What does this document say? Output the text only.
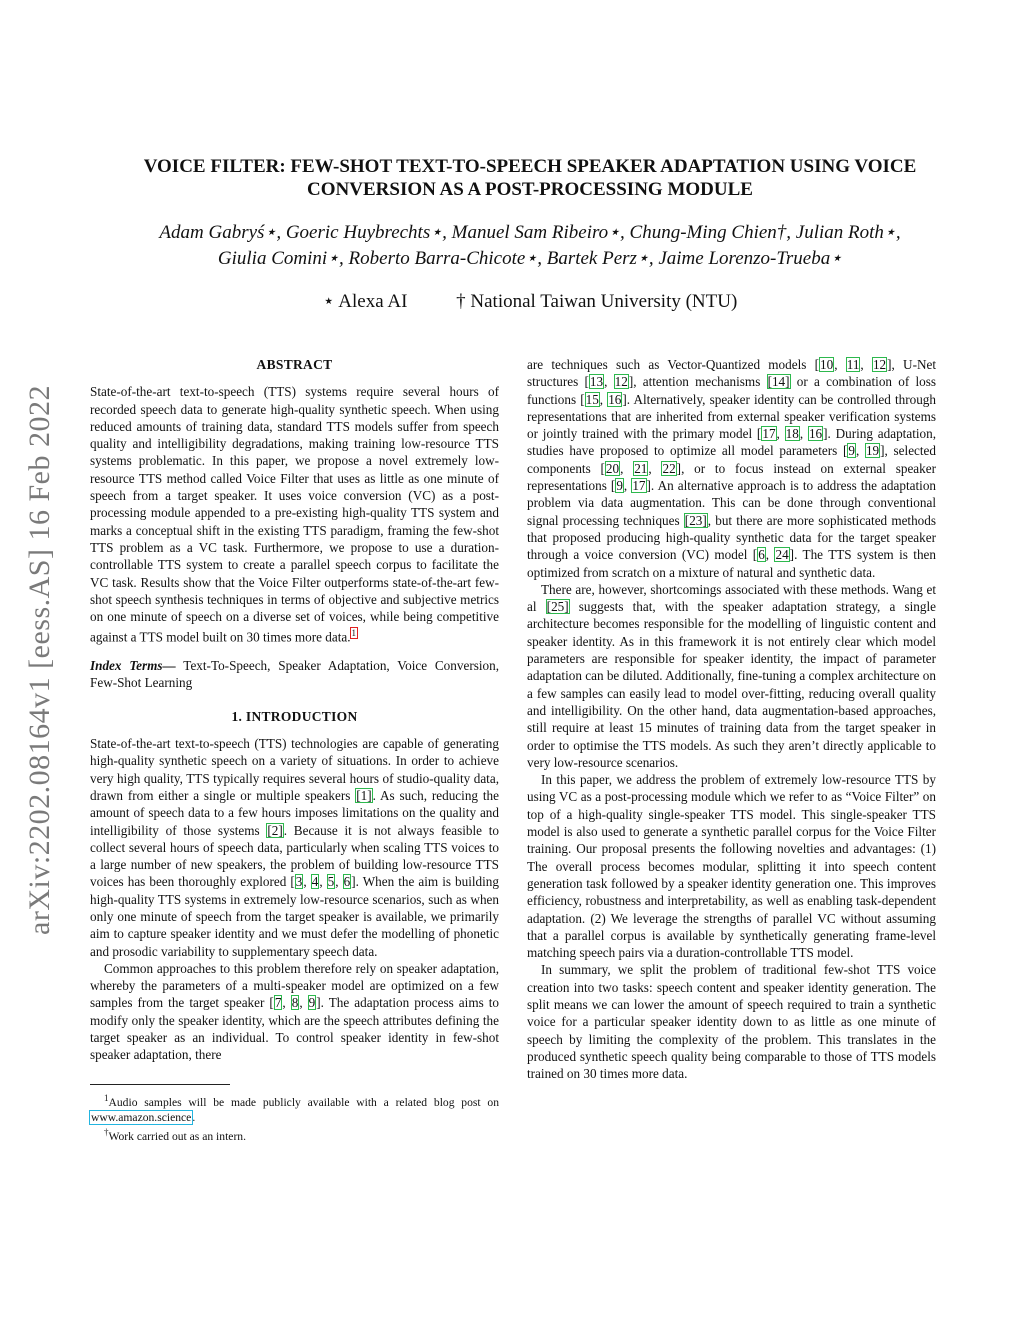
arXiv:2202.08164v1 [eess.AS] 16 Feb 2022
VOICE FILTER: FEW-SHOT TEXT-TO-SPEECH SPEAKER ADAPTATION USING VOICE
CONVERSION AS A POST-PROCESSING MODULE
Adam Gabryś⋆, Goeric Huybrechts⋆, Manuel Sam Ribeiro⋆, Chung-Ming Chien†, Julian Roth⋆,
Giulia Comini⋆, Roberto Barra-Chicote⋆, Bartek Perz⋆, Jaime Lorenzo-Trueba⋆
⋆ Alexa AI	† National Taiwan University (NTU)
ABSTRACT

State-of-the-art text-to-speech (TTS) systems require several hours of recorded speech data to generate high-quality synthetic speech. When using reduced amounts of training data, standard TTS models suffer from speech quality and intelligibility degradations, making training low-resource TTS systems problematic. In this paper, we propose a novel extremely low-resource TTS method called Voice Filter that uses as little as one minute of speech from a target speaker. It uses voice conversion (VC) as a post-processing module appended to a pre-existing high-quality TTS system and marks a conceptual shift in the existing TTS paradigm, framing the few-shot TTS problem as a VC task. Furthermore, we propose to use a duration-controllable TTS system to create a parallel speech corpus to facilitate the VC task. Results show that the Voice Filter outperforms state-of-the-art few-shot speech synthesis techniques in terms of objective and subjective metrics on one minute of speech on a diverse set of voices, while being competitive against a TTS model built on 30 times more data.$^1$

Index Terms— Text-To-Speech, Speaker Adaptation, Voice Conversion, Few-Shot Learning

1. INTRODUCTION

State-of-the-art text-to-speech (TTS) technologies are capable of generating high-quality synthetic speech on a variety of situations. In order to achieve very high quality, TTS typically requires several hours of studio-quality data, drawn from either a single or multiple speakers [1]. As such, reducing the amount of speech data to a few hours imposes limitations on the quality and intelligibility of those systems [2]. Because it is not always feasible to collect several hours of speech data, particularly when scaling TTS voices to a large number of new speakers, the problem of building low-resource TTS voices has been thoroughly explored [3, 4, 5, 6]. When the aim is building high-quality TTS systems in extremely low-resource scenarios, such as when only one minute of speech from the target speaker is available, we primarily aim to capture speaker identity and we must defer the modelling of phonetic and prosodic variability to supplementary speech data.

Common approaches to this problem therefore rely on speaker adaptation, whereby the parameters of a multi-speaker model are optimized on a few samples from the target speaker [7, 8, 9]. The adaptation process aims to modify only the speaker identity, which are the speech attributes defining the target speaker as an individual. To control speaker identity in few-shot speaker adaptation, there

$^1$Audio samples will be made publicly available with a related blog post on www.amazon.science.

†Work carried out as an intern.

are techniques such as Vector-Quantized models [10, 11, 12], U-Net structures [13, 12], attention mechanisms [14] or a combination of loss functions [15, 16]. Alternatively, speaker identity can be controlled through representations that are inherited from external speaker verification systems or jointly trained with the primary model [17, 18, 16]. During adaptation, studies have proposed to optimize all model parameters [9, 19], selected components [20, 21, 22], or to focus instead on external speaker representations [9, 17]. An alternative approach is to address the adaptation problem via data augmentation. This can be done through conventional signal processing techniques [23], but there are more sophisticated methods that proposed producing high-quality synthetic data for the target speaker through a voice conversion (VC) model [6, 24]. The TTS system is then optimized from scratch on a mixture of natural and synthetic data.

There are, however, shortcomings associated with these methods. Wang et al [25] suggests that, with the speaker adaptation strategy, a single architecture becomes responsible for the modelling of linguistic content and speaker identity. As in this framework it is not entirely clear which model parameters are responsible for speaker identity, the impact of parameter adaptation can be diluted. Additionally, fine-tuning a complex architecture on a few samples can easily lead to model over-fitting, reducing overall quality and intelligibility. On the other hand, data augmentation-based approaches, still require at least 15 minutes of training data from the target speaker in order to optimise the TTS models. As such they aren’t directly applicable to very low-resource scenarios.

In this paper, we address the problem of extremely low-resource TTS by using VC as a post-processing module which we refer to as “Voice Filter” on top of a high-quality single-speaker TTS model. This single-speaker TTS model is also used to generate a synthetic parallel corpus for the Voice Filter training. Our proposal presents the following novelties and advantages: (1) The overall process becomes modular, splitting it into speech content generation task followed by a speaker identity generation one. This improves efficiency, robustness and interpretability, as well as enabling task-dependent adaptation. (2) We leverage the strengths of parallel VC without assuming that a parallel corpus is available by synthetically generating frame-level matching speech pairs via a duration-controllable TTS model.

In summary, we split the problem of traditional few-shot TTS voice creation into two tasks: speech content and speaker identity generation. The split means we can lower the amount of speech required to train a synthetic voice for a particular speaker identity down to as little as one minute of speech by limiting the complexity of the problem. This translates in the produced synthetic speech quality being comparable to those of TTS models trained on 30 times more data.
